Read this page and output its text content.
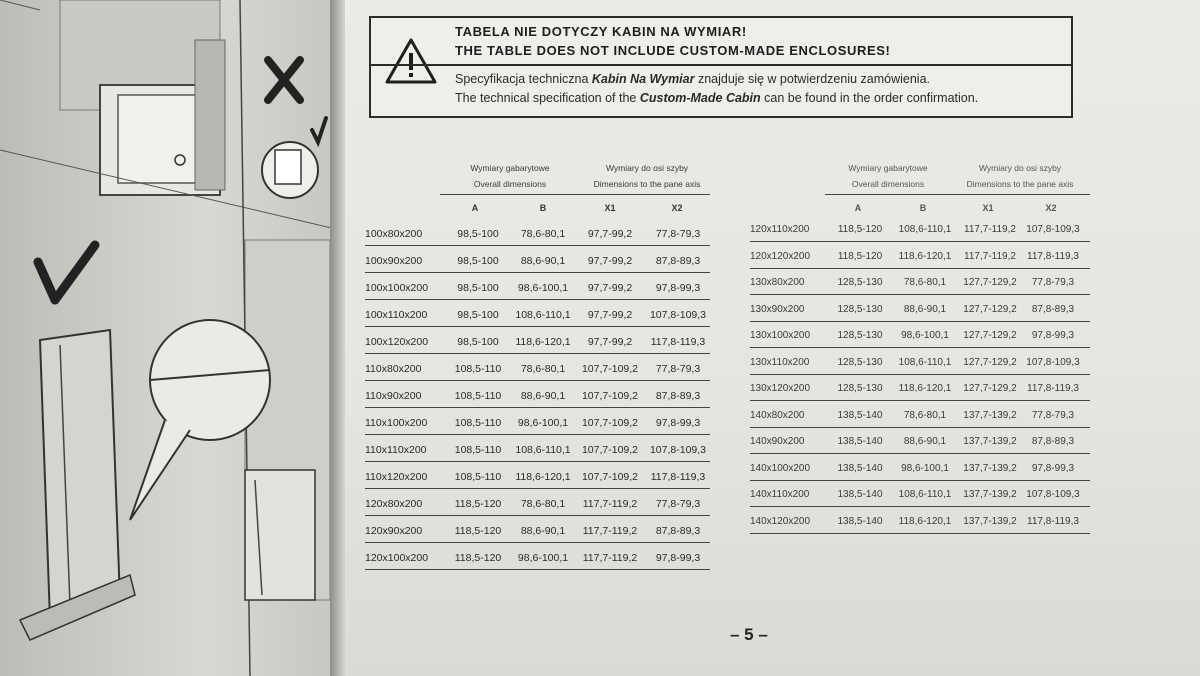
TABELA NIE DOTYCZY KABIN NA WYMIAR!
THE TABLE DOES NOT INCLUDE CUSTOM-MADE ENCLOSURES!
Specyfikacja techniczna Kabin Na Wymiar znajduje się w potwierdzeniu zamówienia.
The technical specification of the Custom-Made Cabin can be found in the order confirmation.
Wymiary gabarytowe
Overall dimensions
Wymiary do osi szyby
Dimensions to the pane axis
A	B	X1	X2
100x80x200	98,5-100	78,6-80,1	97,7-99,2	77,8-79,3
100x90x200	98,5-100	88,6-90,1	97,7-99,2	87,8-89,3
100x100x200	98,5-100	98,6-100,1	97,7-99,2	97,8-99,3
100x110x200	98,5-100	108,6-110,1	97,7-99,2	107,8-109,3
100x120x200	98,5-100	118,6-120,1	97,7-99,2	117,8-119,3
110x80x200	108,5-110	78,6-80,1	107,7-109,2	77,8-79,3
110x90x200	108,5-110	88,6-90,1	107,7-109,2	87,8-89,3
110x100x200	108,5-110	98,6-100,1	107,7-109,2	97,8-99,3
110x110x200	108,5-110	108,6-110,1	107,7-109,2	107,8-109,3
110x120x200	108,5-110	118,6-120,1	107,7-109,2	117,8-119,3
120x80x200	118,5-120	78,6-80,1	117,7-119,2	77,8-79,3
120x90x200	118,5-120	88,6-90,1	117,7-119,2	87,8-89,3
120x100x200	118,5-120	98,6-100,1	117,7-119,2	97,8-99,3
Wymiary gabarytowe
Overall dimensions
Wymiary do osi szyby
Dimensions to the pane axis
A	B	X1	X2
120x110x200	118,5-120	108,6-110,1	117,7-119,2	107,8-109,3
120x120x200	118,5-120	118,6-120,1	117,7-119,2	117,8-119,3
130x80x200	128,5-130	78,6-80,1	127,7-129,2	77,8-79,3
130x90x200	128,5-130	88,6-90,1	127,7-129,2	87,8-89,3
130x100x200	128,5-130	98,6-100,1	127,7-129,2	97,8-99,3
130x110x200	128,5-130	108,6-110,1	127,7-129,2 107,8-109,3
130x120x200	128,5-130	118,6-120,1	127,7-129,2	117,8-119,3
140x80x200	138,5-140	78,6-80,1	137,7-139,2	77,8-79,3
140x90x200	138,5-140	88,6-90,1	137,7-139,2	87,8-89,3
140x100x200	138,5-140	98,6-100,1	137,7-139,2	97,8-99,3
140x110x200	138,5-140	108,6-110,1	137,7-139,2 107,8-109,3
140x120x200	138,5-140	118,6-120,1	137,7-139,2	117,8-119,3
– 5 –
